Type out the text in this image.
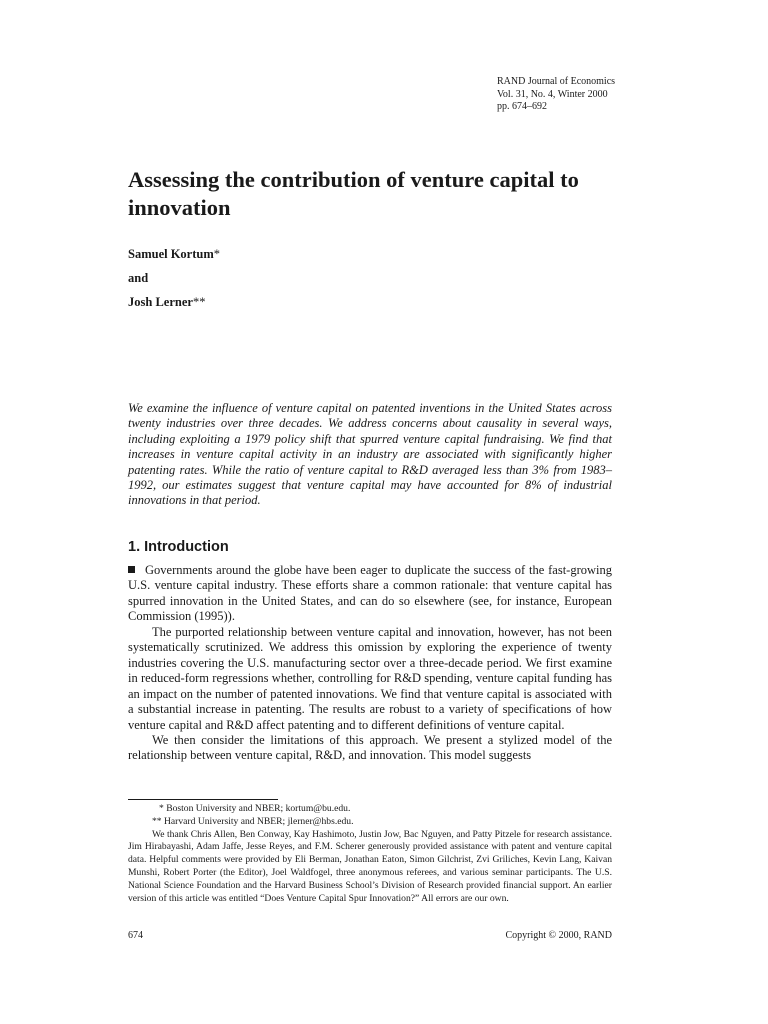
RAND Journal of Economics
Vol. 31, No. 4, Winter 2000
pp. 674–692
Assessing the contribution of venture capital to innovation
Samuel Kortum*
and
Josh Lerner**

We examine the influence of venture capital on patented inventions in the United States across twenty industries over three decades. We address concerns about causality in several ways, including exploiting a 1979 policy shift that spurred venture capital fundraising. We find that increases in venture capital activity in an industry are associated with significantly higher patenting rates. While the ratio of venture capital to R&D averaged less than 3% from 1983–1992, our estimates suggest that venture capital may have accounted for 8% of industrial innovations in that period.

1. Introduction

Governments around the globe have been eager to duplicate the success of the fast-growing U.S. venture capital industry. These efforts share a common rationale: that venture capital has spurred innovation in the United States, and can do so elsewhere (see, for instance, European Commission (1995)).

The purported relationship between venture capital and innovation, however, has not been systematically scrutinized. We address this omission by exploring the experience of twenty industries covering the U.S. manufacturing sector over a three-decade period. We first examine in reduced-form regressions whether, controlling for R&D spending, venture capital funding has an impact on the number of patented innovations. We find that venture capital is associated with a substantial increase in patenting. The results are robust to a variety of specifications of how venture capital and R&D affect patenting and to different definitions of venture capital.

We then consider the limitations of this approach. We present a stylized model of the relationship between venture capital, R&D, and innovation. This model suggests

* Boston University and NBER; kortum@bu.edu.

** Harvard University and NBER; jlerner@hbs.edu.

We thank Chris Allen, Ben Conway, Kay Hashimoto, Justin Jow, Bac Nguyen, and Patty Pitzele for research assistance. Jim Hirabayashi, Adam Jaffe, Jesse Reyes, and F.M. Scherer generously provided assistance with patent and venture capital data. Helpful comments were provided by Eli Berman, Jonathan Eaton, Simon Gilchrist, Zvi Griliches, Kevin Lang, Kaivan Munshi, Robert Porter (the Editor), Joel Waldfogel, three anonymous referees, and various seminar participants. The U.S. National Science Foundation and the Harvard Business School’s Division of Research provided financial support. An earlier version of this article was entitled “Does Venture Capital Spur Innovation?” All errors are our own.

674	Copyright © 2000, RAND
